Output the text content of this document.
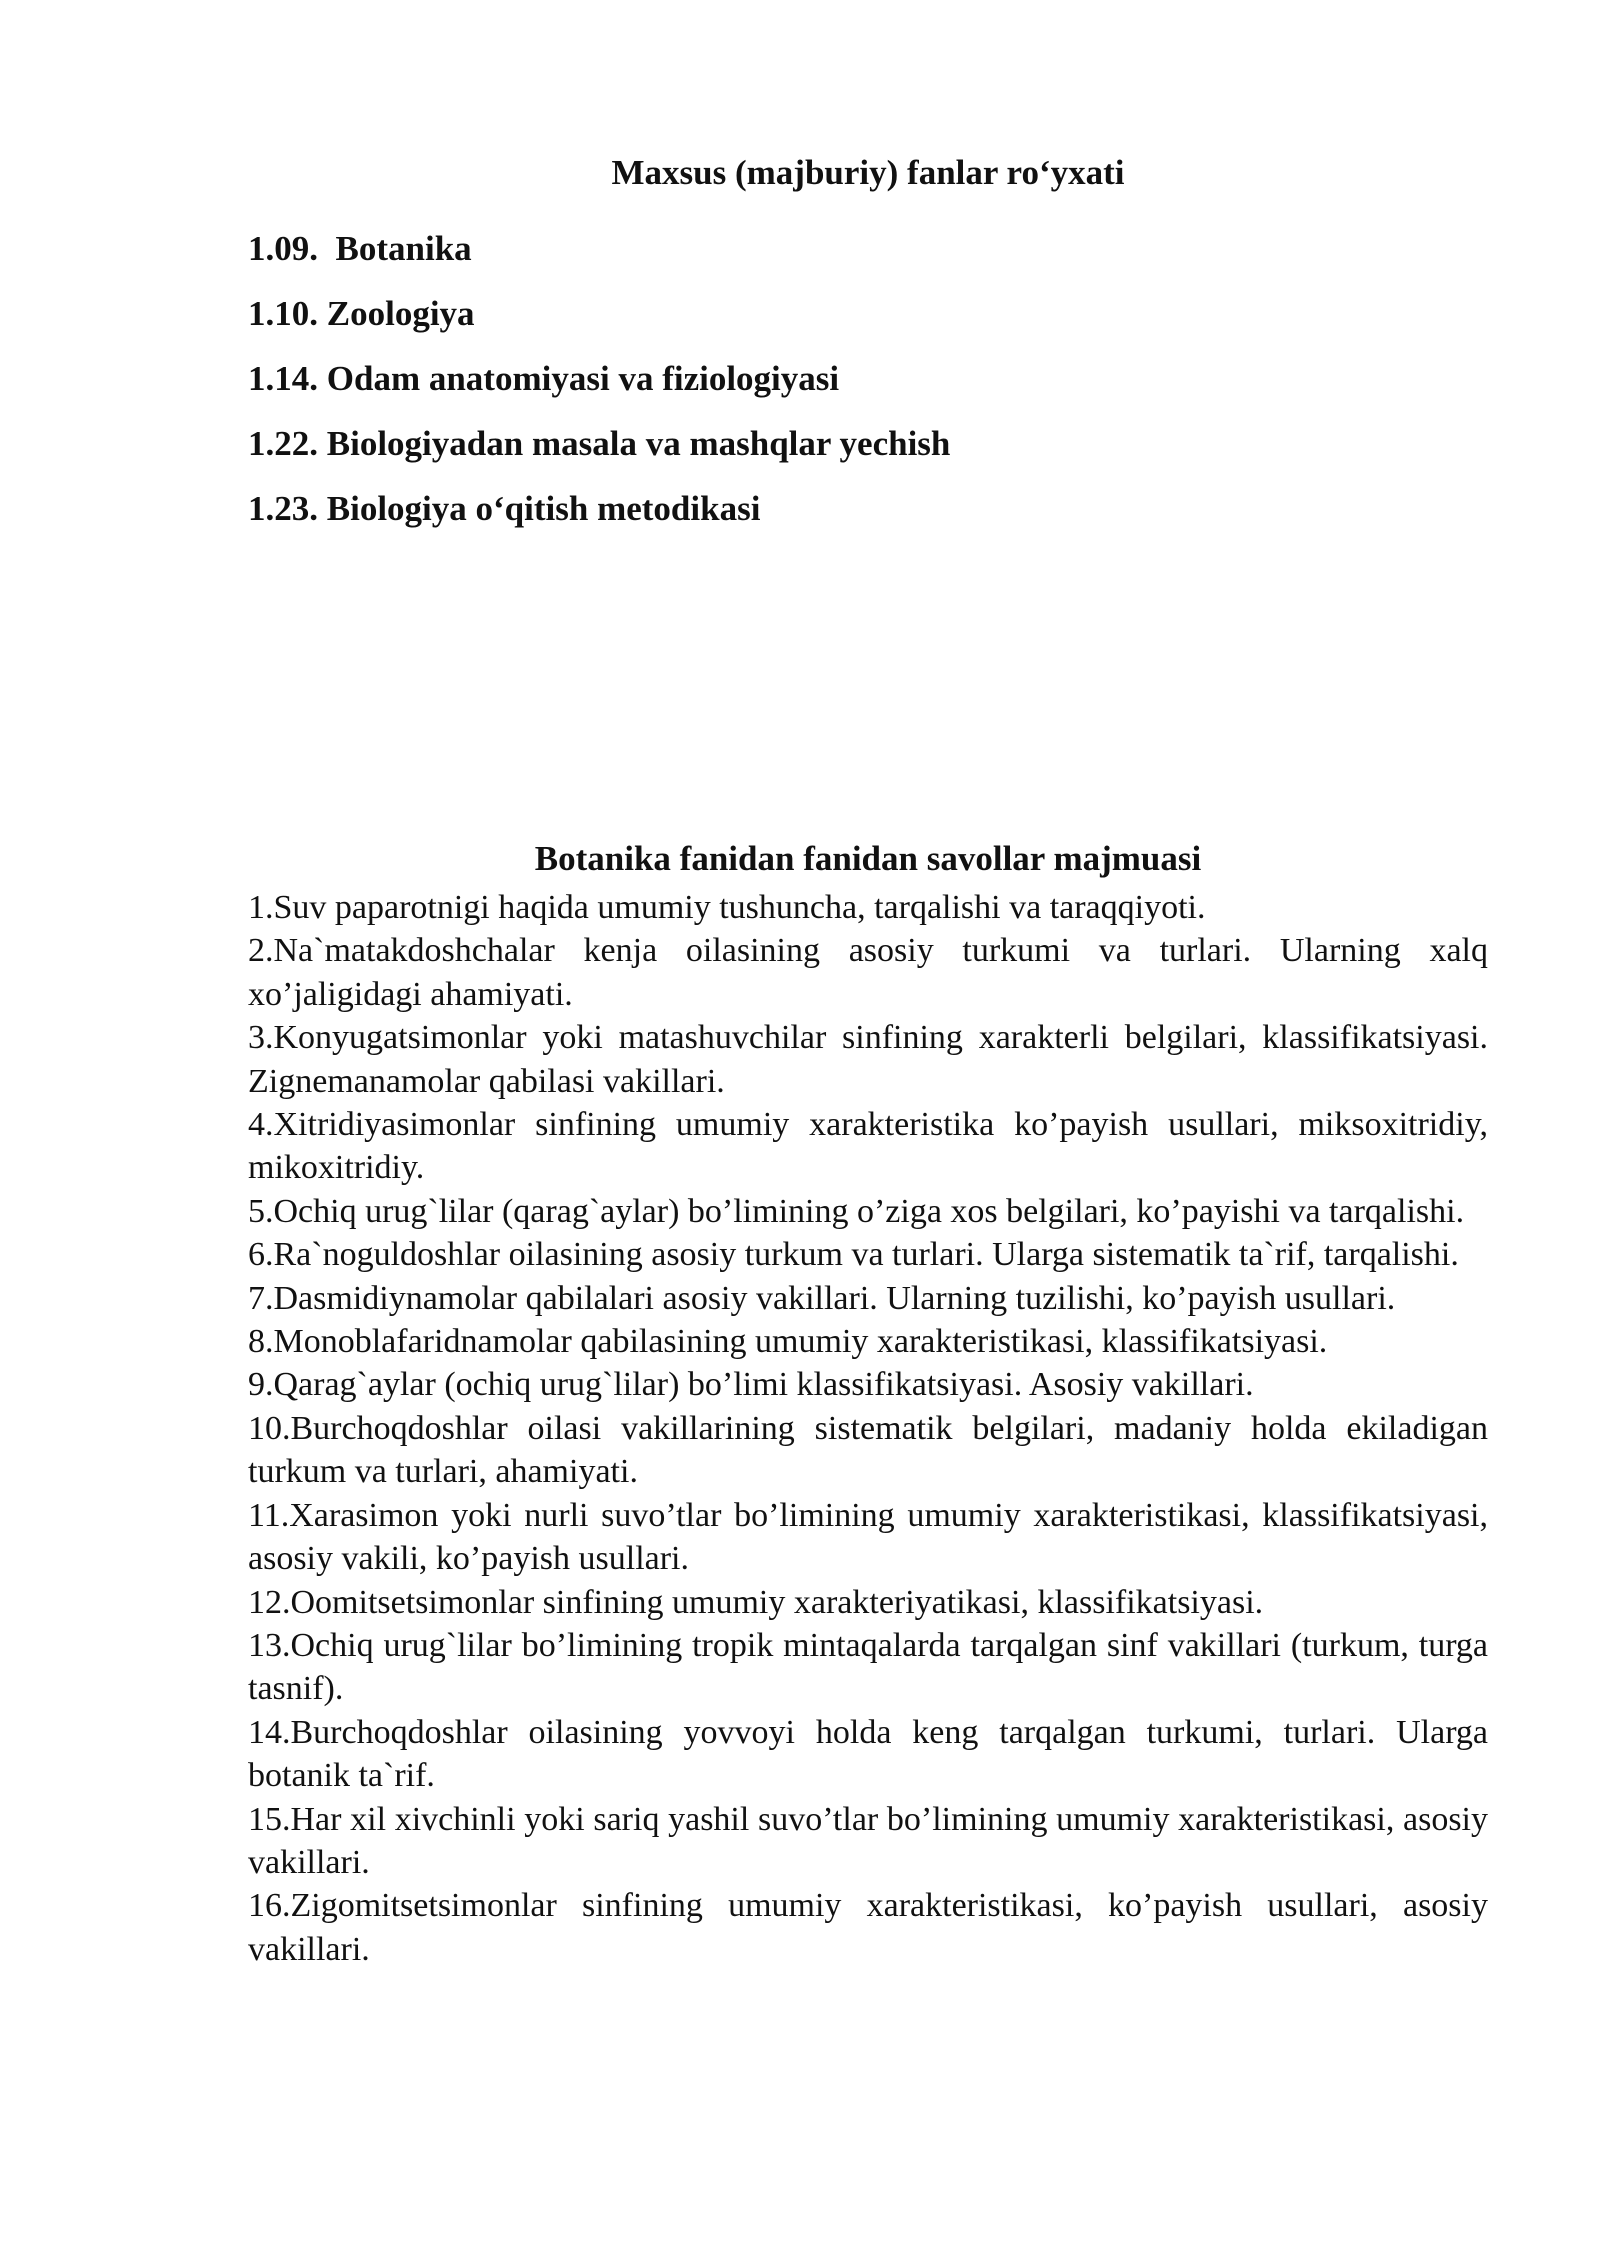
Maxsus (majburiy) fanlar ro‘yxati
1.09.  Botanika
1.10. Zoologiya
1.14. Odam anatomiyasi va fiziologiyasi
1.22. Biologiyadan masala va mashqlar yechish
1.23. Biologiya o‘qitish metodikasi
Botanika fanidan fanidan savollar majmuasi

1.Suv paparotnigi haqida umumiy tushuncha, tarqalishi va taraqqiyoti.

2.Na`matakdoshchalar kenja oilasining asosiy turkumi va turlari. Ularning xalq xo’jaligidagi ahamiyati.

3.Konyugatsimonlar yoki matashuvchilar sinfining xarakterli belgilari, klassifikatsiyasi. Zignemanamolar qabilasi vakillari.

4.Xitridiyasimonlar sinfining umumiy xarakteristika ko’payish usullari, miksoxitridiy, mikoxitridiy.

5.Ochiq urug`lilar (qarag`aylar) bo’limining o’ziga xos belgilari, ko’payishi va tarqalishi.

6.Ra`noguldoshlar oilasining asosiy turkum va turlari. Ularga sistematik ta`rif, tarqalishi.

7.Dasmidiynamolar qabilalari asosiy vakillari. Ularning tuzilishi, ko’payish usullari.

8.Monoblafaridnamolar qabilasining umumiy xarakteristikasi, klassifikatsiyasi.

9.Qarag`aylar (ochiq urug`lilar) bo’limi klassifikatsiyasi. Asosiy vakillari.

10.Burchoqdoshlar oilasi vakillarining sistematik belgilari, madaniy holda ekiladigan turkum va turlari, ahamiyati.

11.Xarasimon yoki nurli suvo’tlar bo’limining umumiy xarakteristikasi, klassifikatsiyasi, asosiy vakili, ko’payish usullari.

12.Oomitsetsimonlar sinfining umumiy xarakteriyatikasi, klassifikatsiyasi.

13.Ochiq urug`lilar bo’limining tropik mintaqalarda tarqalgan sinf vakillari (turkum, turga tasnif).

14.Burchoqdoshlar oilasining yovvoyi holda keng tarqalgan turkumi, turlari. Ularga botanik ta`rif.

15.Har xil xivchinli yoki sariq yashil suvo’tlar bo’limining umumiy xarakteristikasi, asosiy vakillari.

16.Zigomitsetsimonlar sinfining umumiy xarakteristikasi, ko’payish usullari, asosiy vakillari.
